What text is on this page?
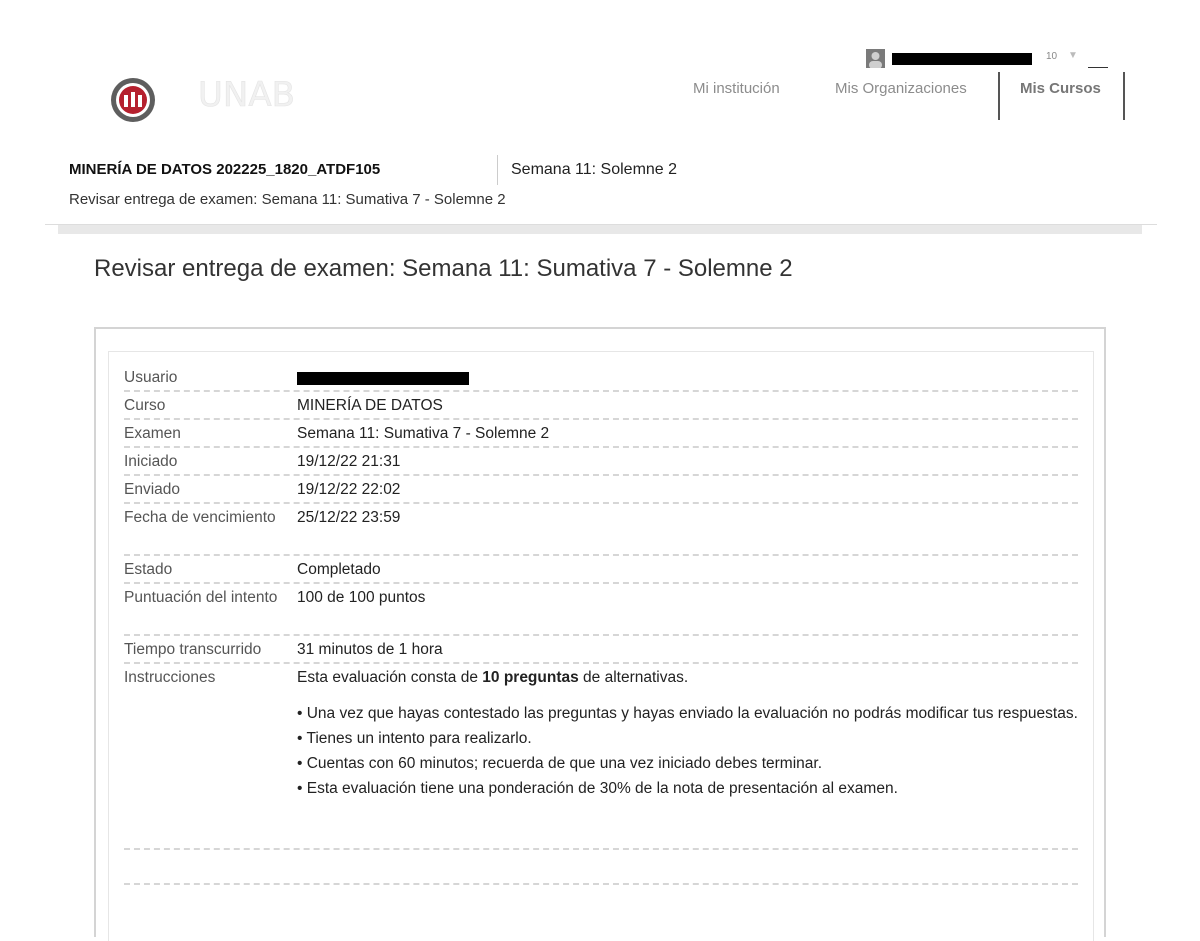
UNAB
10 ▼
Mi institución	Mis Organizaciones	Mis Cursos
MINERÍA DE DATOS 202225_1820_ATDF105	Semana 11: Solemne 2
Revisar entrega de examen: Semana 11: Sumativa 7 - Solemne 2
Revisar entrega de examen: Semana 11: Sumativa 7 - Solemne 2
Usuario
Curso	MINERÍA DE DATOS
Examen	Semana 11: Sumativa 7 - Solemne 2
Iniciado	19/12/22 21:31
Enviado	19/12/22 22:02
Fecha de vencimiento	25/12/22 23:59
Estado	Completado
Puntuación del intento	100 de 100 puntos
Tiempo transcurrido	31 minutos de 1 hora
Instrucciones	Esta evaluación consta de 10 preguntas de alternativas.

• Una vez que hayas contestado las preguntas y hayas enviado la evaluación no podrás modificar tus respuestas.
• Tienes un intento para realizarlo.
• Cuentas con 60 minutos; recuerda de que una vez iniciado debes terminar.
• Esta evaluación tiene una ponderación de 30% de la nota de presentación al examen.
